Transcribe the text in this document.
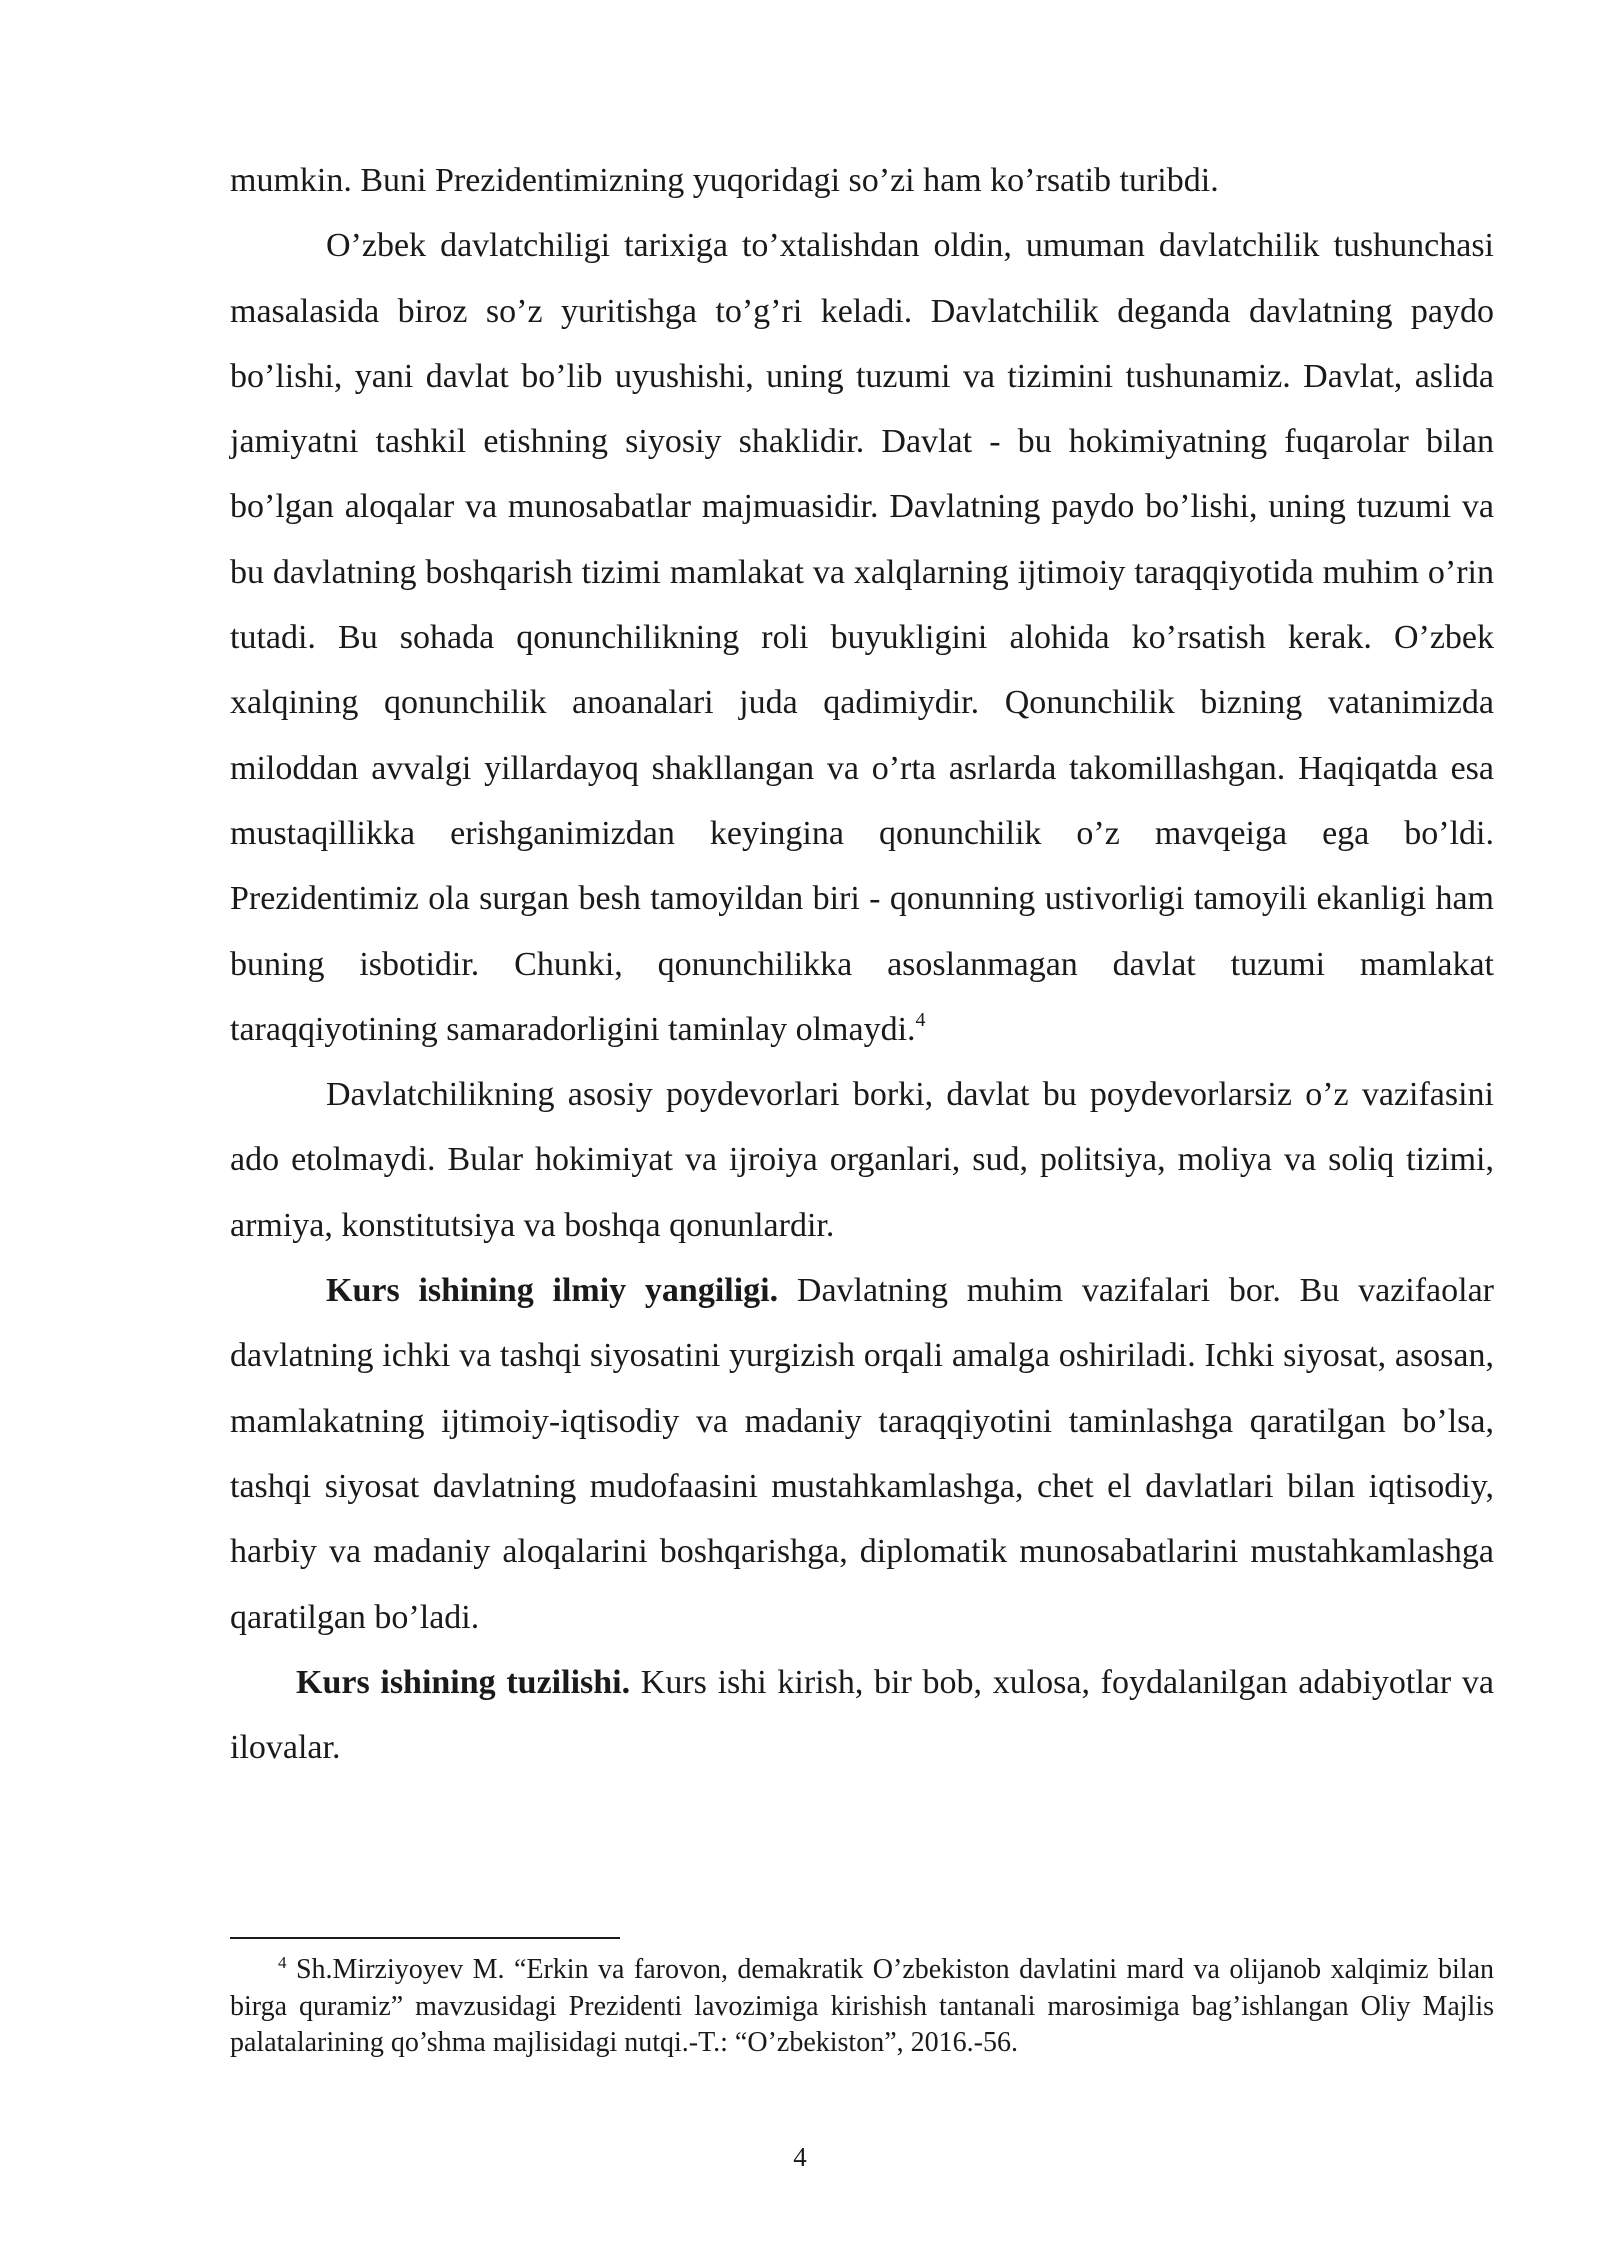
mumkin. Buni Prezidentimizning yuqoridagi so’zi ham ko’rsatib turibdi.

O’zbek davlatchiligi tarixiga to’xtalishdan oldin, umuman davlatchilik tushunchasi masalasida biroz so’z yuritishga to’g’ri keladi. Davlatchilik deganda davlatning paydo bo’lishi, yani davlat bo’lib uyushishi, uning tuzumi va tizimini tushunamiz. Davlat, aslida jamiyatni tashkil etishning siyosiy shaklidir. Davlat - bu hokimiyatning fuqarolar bilan bo’lgan aloqalar va munosabatlar majmuasidir. Davlatning paydo bo’lishi, uning tuzumi va bu davlatning boshqarish tizimi mamlakat va xalqlarning ijtimoiy taraqqiyotida muhim o’rin tutadi. Bu sohada qonunchilikning roli buyukligini alohida ko’rsatish kerak. O’zbek xalqining qonunchilik anoanalari juda qadimiydir. Qonunchilik bizning vatanimizda miloddan avvalgi yillardayoq shakllangan va o’rta asrlarda takomillashgan. Haqiqatda esa mustaqillikka erishganimizdan keyingina qonunchilik o’z mavqeiga ega bo’ldi. Prezidentimiz ola surgan besh tamoyildan biri - qonunning ustivorligi tamoyili ekanligi ham buning isbotidir. Chunki, qonunchilikka asoslanmagan davlat tuzumi mamlakat taraqqiyotining samaradorligini taminlay olmaydi.$^4$

Davlatchilikning asosiy poydevorlari borki, davlat bu poydevorlarsiz o’z vazifasini ado etolmaydi. Bular hokimiyat va ijroiya organlari, sud, politsiya, moliya va soliq tizimi, armiya, konstitutsiya va boshqa qonunlardir.

Kurs ishining ilmiy yangiligi. Davlatning muhim vazifalari bor. Bu vazifaolar davlatning ichki va tashqi siyosatini yurgizish orqali amalga oshiriladi. Ichki siyosat, asosan, mamlakatning ijtimoiy-iqtisodiy va madaniy taraqqiyotini taminlashga qaratilgan bo’lsa, tashqi siyosat davlatning mudofaasini mustahkamlashga, chet el davlatlari bilan iqtisodiy, harbiy va madaniy aloqalarini boshqarishga, diplomatik munosabatlarini mustahkamlashga qaratilgan bo’ladi.

Kurs ishining tuzilishi. Kurs ishi kirish, bir bob, xulosa, foydalanilgan adabiyotlar va ilovalar.

$^4$ Sh.Mirziyoyev M. “Erkin va farovon, demakratik O’zbekiston davlatini mard va olijanob xalqimiz bilan birga quramiz” mavzusidagi Prezidenti lavozimiga kirishish tantanali marosimiga bag’ishlangan Oliy Majlis palatalarining qo’shma majlisidagi nutqi.-T.: “O’zbekiston”, 2016.-56.

4
